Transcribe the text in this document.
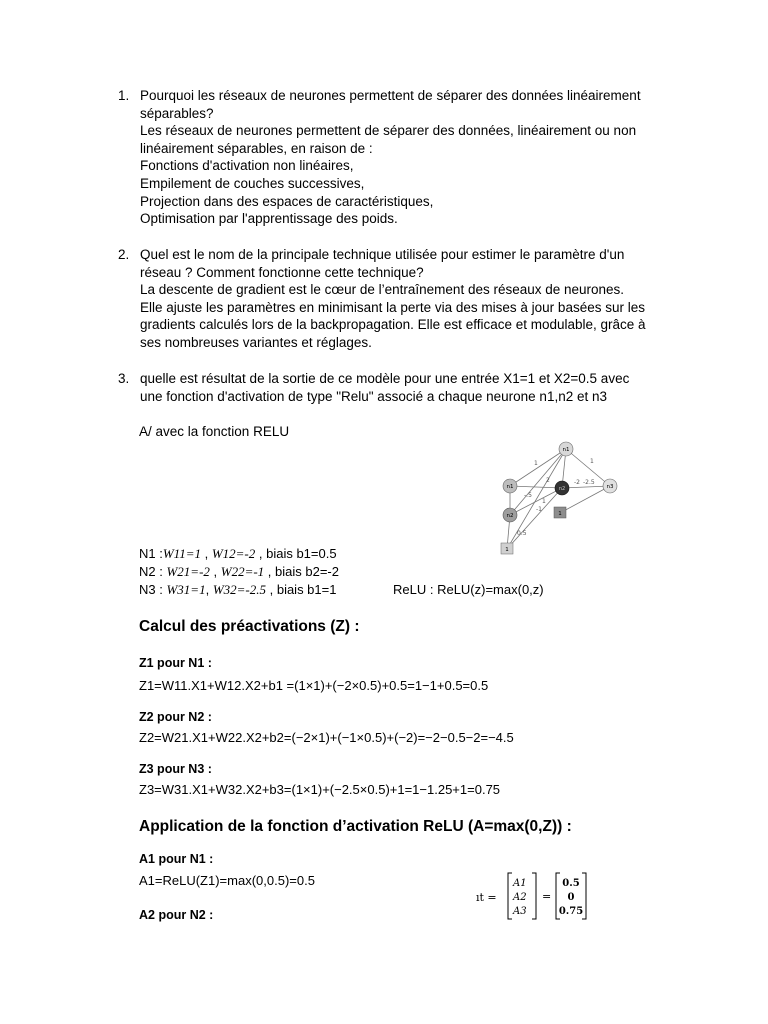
1. Pourquoi les réseaux de neurones permettent de séparer des données linéairement
séparables?
Les réseaux de neurones permettent de séparer des données, linéairement ou non
linéairement séparables, en raison de :
Fonctions d'activation non linéaires,
Empilement de couches successives,
Projection dans des espaces de caractéristiques,
Optimisation par l'apprentissage des poids.
2. Quel est le nom de la principale technique utilisée pour estimer le paramètre d'un
réseau ? Comment fonctionne cette technique?
La descente de gradient est le cœur de l’entraînement des réseaux de neurones.
Elle ajuste les paramètres en minimisant la perte via des mises à jour basées sur les
gradients calculés lors de la backpropagation. Elle est efficace et modulable, grâce à
ses nombreuses variantes et réglages.
3. quelle est résultat de la sortie de ce modèle pour une entrée X1=1 et X2=0.5 avec
une fonction d'activation de type "Relu" associé a chaque neurone n1,n2 et n3
A/ avec la fonction RELU
1
2	-2 -2.5
1
0.5
-.5
1
-1
n1
n1
n2
n2	n3
1
1
N1 :W11=1 , W12=-2 , biais b1=0.5
N2 : W21=-2 , W22=-1 , biais b2=-2
N3 : W31=1, W32=-2.5 , biais b1=1	ReLU : ReLU(z)=max(0,z)
Calcul des préactivations (Z) :
Z1 pour N1 :
Z1=W11.X1+W12.X2+b1 =(1×1)+(−2×0.5)+0.5=1−1+0.5=0.5
Z2 pour N2 :
Z2=W21.X1+W22.X2+b2=(−2×1)+(−1×0.5)+(−2)=−2−0.5−2=−4.5
Z3 pour N3 :
Z3=W31.X1+W32.X2+b3=(1×1)+(−2.5×0.5)+1=1−1.25+1=0.75
Application de la fonction d’activation ReLU (A=max(0,Z)) :
A1 pour N1 :
A1=ReLU(Z1)=max(0,0.5)=0.5
A2 pour N2 :
ıt =
A1
A2
A3
=
0.5
0
0.75
